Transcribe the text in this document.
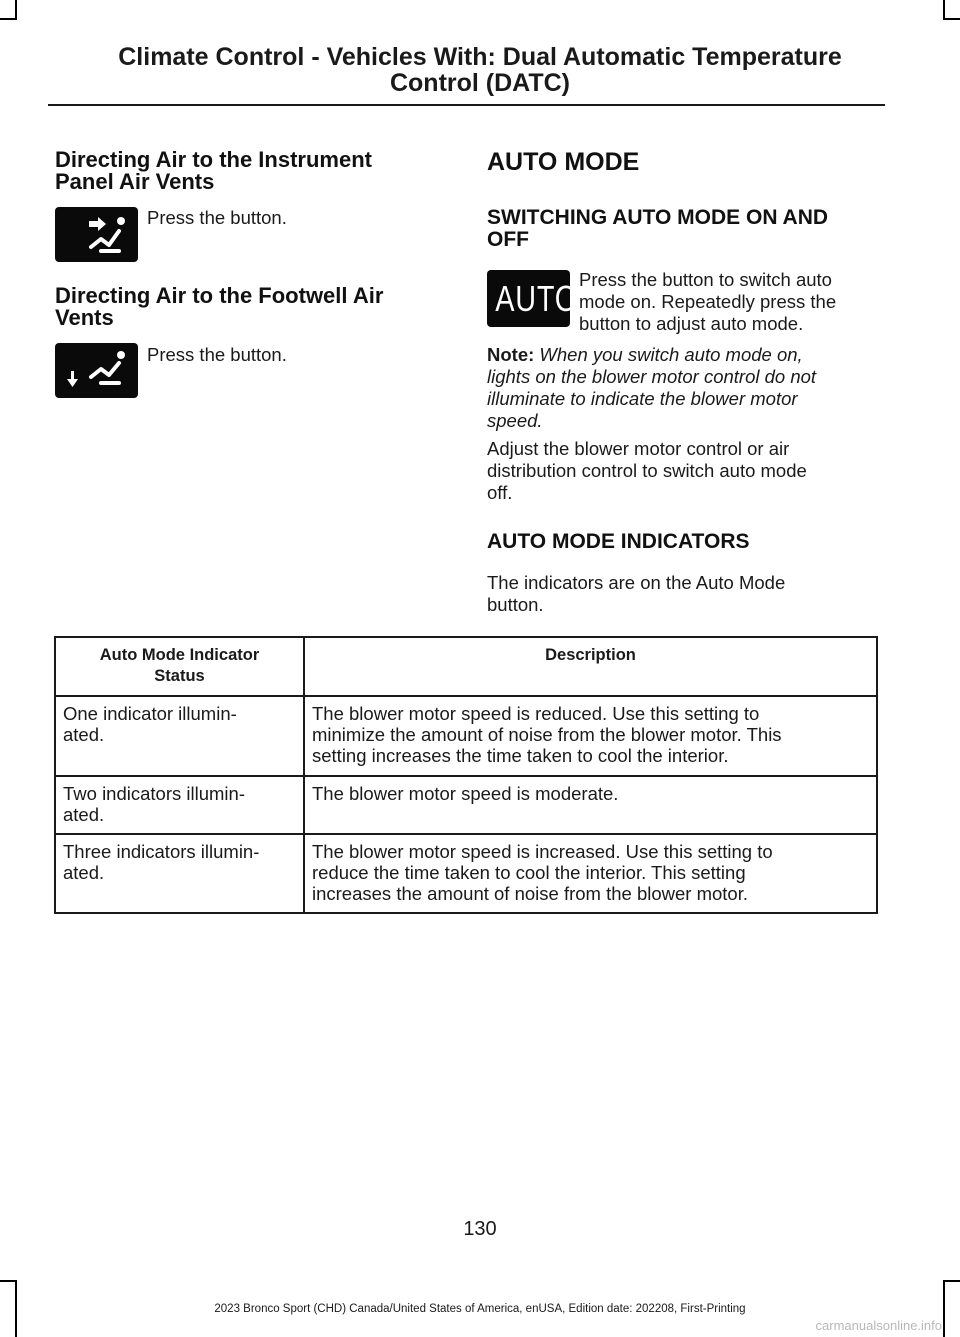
Climate Control - Vehicles With: Dual Automatic Temperature
Control (DATC)
Directing Air to the Instrument
Panel Air Vents

Press the button.

Directing Air to the Footwell Air
Vents

Press the button.

AUTO MODE
SWITCHING AUTO MODE ON AND
OFF
AUTO Press the button to switch auto
mode on. Repeatedly press the
button to adjust auto mode.

Note: When you switch auto mode on,
lights on the blower motor control do not
illuminate to indicate the blower motor
speed.

Adjust the blower motor control or air
distribution control to switch auto mode
off.

AUTO MODE INDICATORS

The indicators are on the Auto Mode
button.

Auto Mode Indicator
Status	Description

One indicator illumin-
ated.	The blower motor speed is reduced. Use this setting to
minimize the amount of noise from the blower motor. This
setting increases the time taken to cool the interior.

Two indicators illumin-
ated.	The blower motor speed is moderate.

Three indicators illumin-
ated.	The blower motor speed is increased. Use this setting to
reduce the time taken to cool the interior. This setting
increases the amount of noise from the blower motor.
130
2023 Bronco Sport (CHD) Canada/United States of America, enUSA, Edition date: 202208, First-Printing
carmanualsonline.info
